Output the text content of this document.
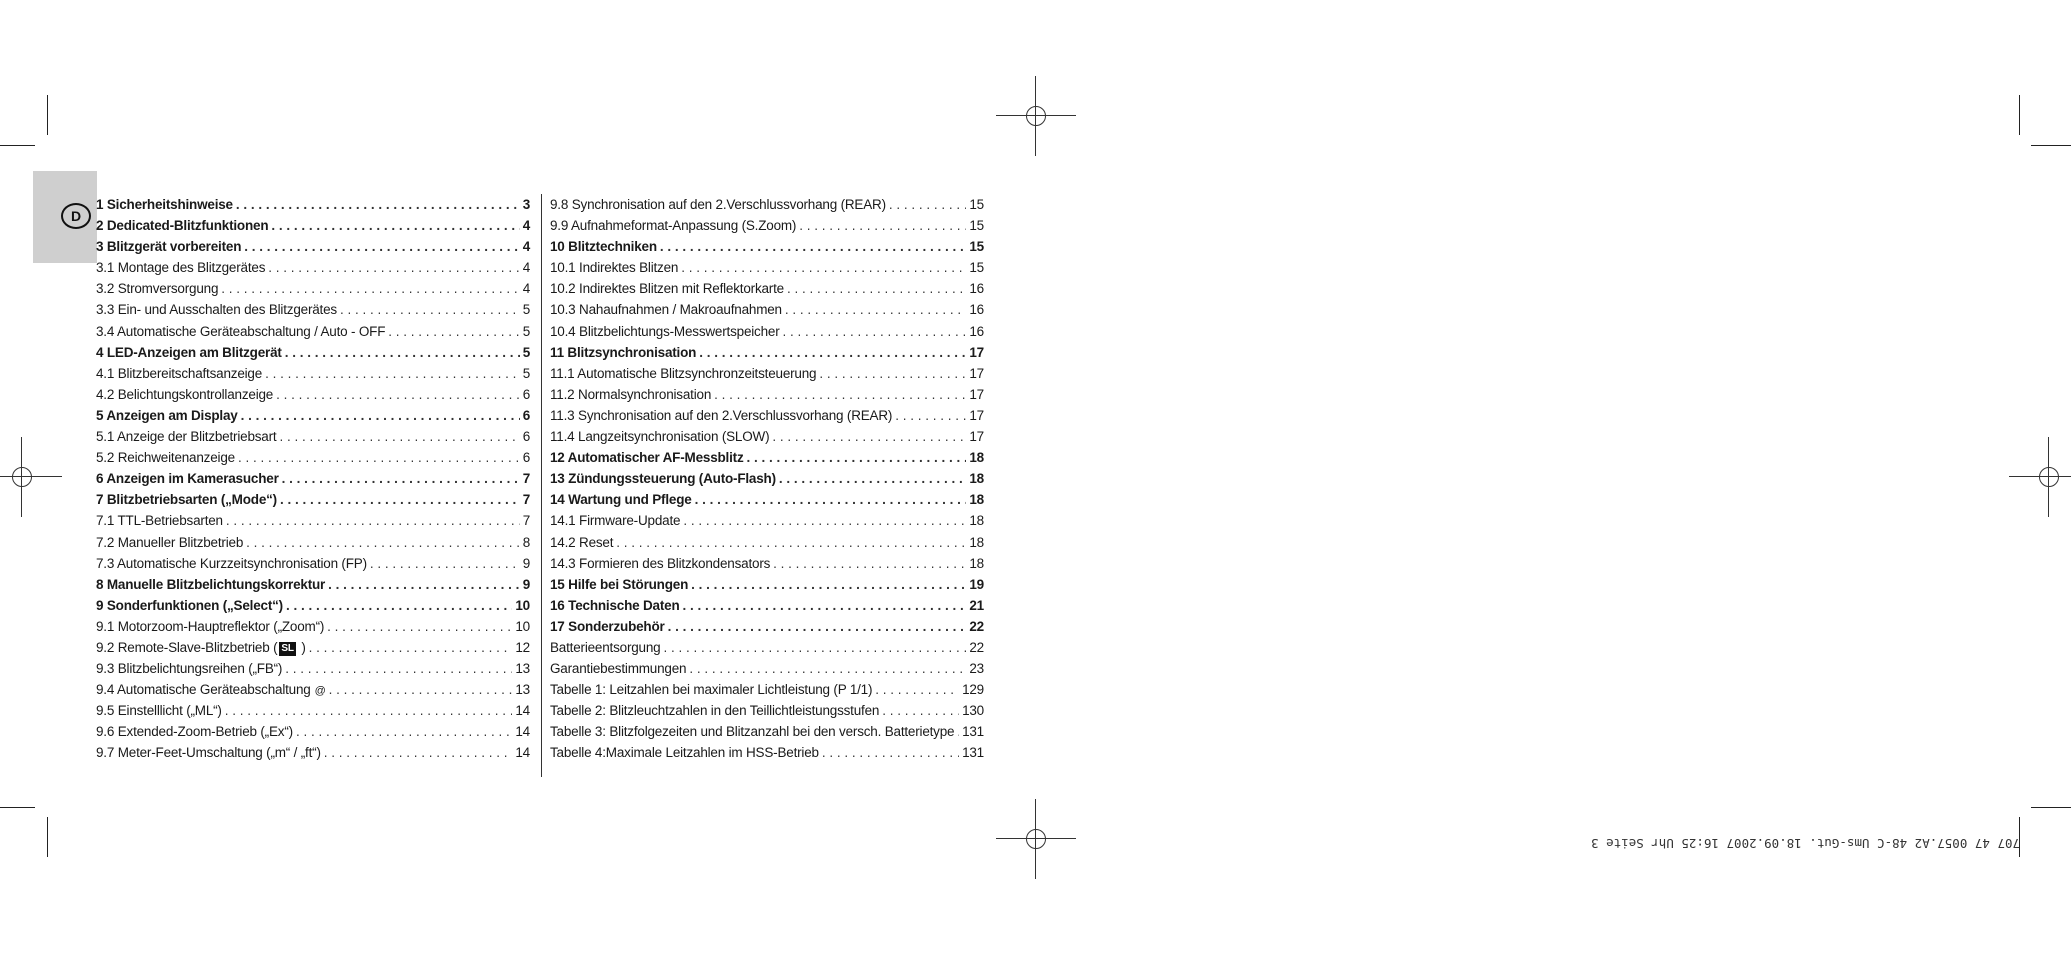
D
1 Sicherheitshinweise . . .	3
2 Dedicated-Blitzfunktionen . . .	4
3 Blitzgerät vorbereiten . . .	4
3.1 Montage des Blitzgerätes . . .	4
3.2 Stromversorgung . . .	4
3.3 Ein- und Ausschalten des Blitzgerätes . . .	5
3.4 Automatische Geräteabschaltung / Auto - OFF . . .	5
4 LED-Anzeigen am Blitzgerät . . .	5
4.1 Blitzbereitschaftsanzeige . . .	5
4.2 Belichtungskontrollanzeige . . .	6
5 Anzeigen am Display . . .	6
5.1 Anzeige der Blitzbetriebsart . . .	6
5.2 Reichweitenanzeige . . .	6
6 Anzeigen im Kamerasucher . . .	7
7 Blitzbetriebsarten („Mode“) . . .	7
7.1 TTL-Betriebsarten . . .	7
7.2 Manueller Blitzbetrieb . . .	8
7.3 Automatische Kurzzeitsynchronisation (FP) . . .	9
8 Manuelle Blitzbelichtungskorrektur . . .	9
9 Sonderfunktionen („Select“) . . .	10
9.1 Motorzoom-Hauptreflektor („Zoom“) . . .	10
9.2 Remote-Slave-Blitzbetrieb ( SL ) . . .	12
9.3 Blitzbelichtungsreihen („FB“) . . .	13
9.4 Automatische Geräteabschaltung @ . . .	13
9.5 Einstelllicht („ML“) . . .	14
9.6 Extended-Zoom-Betrieb („Ex“) . . .	14
9.7 Meter-Feet-Umschaltung („m“ / „ft“) . . .	14
9.8 Synchronisation auf den 2.Verschlussvorhang (REAR) . . .	15
9.9 Aufnahmeformat-Anpassung (S.Zoom) . . .	15
10 Blitztechniken . . .	15
10.1 Indirektes Blitzen . . .	15
10.2 Indirektes Blitzen mit Reflektorkarte . . .	16
10.3 Nahaufnahmen / Makroaufnahmen . . .	16
10.4 Blitzbelichtungs-Messwertspeicher . . .	16
11 Blitzsynchronisation . . .	17
11.1 Automatische Blitzsynchronzeitsteuerung . . .	17
11.2 Normalsynchronisation . . .	17
11.3 Synchronisation auf den 2.Verschlussvorhang (REAR) . . .	17
11.4 Langzeitsynchronisation (SLOW) . . .	17
12 Automatischer AF-Messblitz . . .	18
13 Zündungssteuerung (Auto-Flash) . . .	18
14 Wartung und Pflege . . .	18
14.1 Firmware-Update . . .	18
14.2 Reset . . .	18
14.3 Formieren des Blitzkondensators . . .	18
15 Hilfe bei Störungen . . .	19
16 Technische Daten . . .	21
17 Sonderzubehör . . .	22
Batterieentsorgung . . .	22
Garantiebestimmungen . . .	23
Tabelle 1: Leitzahlen bei maximaler Lichtleistung (P 1/1) . . .	129
Tabelle 2: Blitzleuchtzahlen in den Teillichtleistungsstufen . . .	130
Tabelle 3: Blitzfolgezeiten und Blitzanzahl bei den versch. Batterietype . . . 131
Tabelle 4:Maximale Leitzahlen im HSS-Betrieb . . .	131
707 47 0057.A2 48-C Ums-Gut. 18.09.2007 16:25 Uhr Seite 3
